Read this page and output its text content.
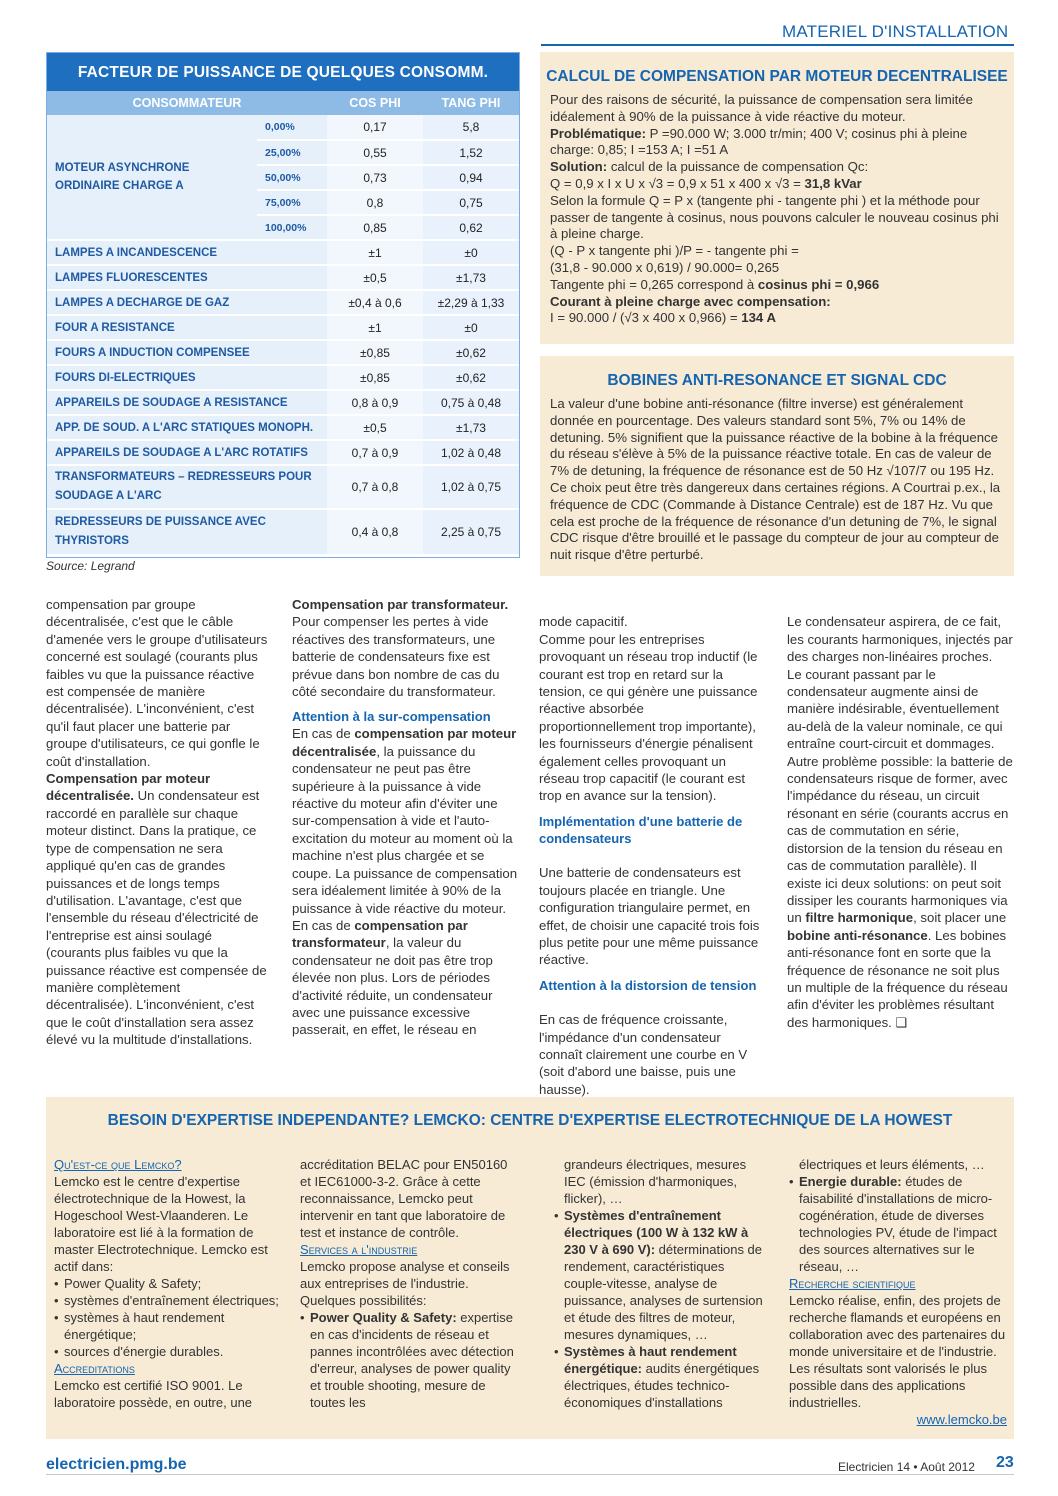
MATERIEL D'INSTALLATION
FACTEUR DE PUISSANCE DE QUELQUES CONSOMM.
CONSOMMATEUR	COS PHI	TANG PHI
MOTEUR ASYNCHRONE ORDINAIRE CHARGE A	0,00%	0,17	5,8
	25,00%	0,55	1,52
	50,00%	0,73	0,94
	75,00%	0,8	0,75
	100,00%	0,85	0,62
LAMPES A INCANDESCENCE		±1	±0
LAMPES FLUORESCENTES		±0,5	±1,73
LAMPES A DECHARGE DE GAZ		±0,4 à 0,6	±2,29 à 1,33
FOUR A RESISTANCE		±1	±0
FOURS A INDUCTION COMPENSEE		±0,85	±0,62
FOURS DI-ELECTRIQUES		±0,85	±0,62
APPAREILS DE SOUDAGE A RESISTANCE		0,8 à 0,9	0,75 à 0,48
APP. DE SOUD. A L'ARC STATIQUES MONOPH.		±0,5	±1,73
APPAREILS DE SOUDAGE A L'ARC ROTATIFS		0,7 à 0,9	1,02 à 0,48
TRANSFORMATEURS – REDRESSEURS POUR SOUDAGE A L'ARC		0,7 à 0,8	1,02 à 0,75
REDRESSEURS DE PUISSANCE AVEC THYRISTORS		0,4 à 0,8	2,25 à 0,75
Source: Legrand
CALCUL DE COMPENSATION PAR MOTEUR DECENTRALISEE

Pour des raisons de sécurité, la puissance de compensation sera limitée idéalement à 90% de la puissance à vide réactive du moteur.
Problématique: P =90.000 W; 3.000 tr/min; 400 V; cosinus phi à pleine charge: 0,85; I =153 A; I =51 A
Solution: calcul de la puissance de compensation Qc:
Q = 0,9 x I x U x √3 = 0,9 x 51 x 400 x √3 = 31,8 kVar
Selon la formule Q = P x (tangente phi - tangente phi ) et la méthode pour passer de tangente à cosinus, nous pouvons calculer le nouveau cosinus phi à pleine charge.
(Q - P x tangente phi )/P = - tangente phi =
(31,8 - 90.000 x 0,619) / 90.000= 0,265
Tangente phi = 0,265 correspond à cosinus phi = 0,966
Courant à pleine charge avec compensation:
I = 90.000 / (√3 x 400 x 0,966) = 134 A

BOBINES ANTI-RESONANCE ET SIGNAL CDC

La valeur d'une bobine anti-résonance (filtre inverse) est généralement donnée en pourcentage. Des valeurs standard sont 5%, 7% ou 14% de detuning. 5% signifient que la puissance réactive de la bobine à la fréquence du réseau s'élève à 5% de la puissance réactive totale. En cas de valeur de 7% de detuning, la fréquence de résonance est de 50 Hz √107/7 ou 195 Hz. Ce choix peut être très dangereux dans certaines régions. A Courtrai p.ex., la fréquence de CDC (Commande à Distance Centrale) est de 187 Hz. Vu que cela est proche de la fréquence de résonance d'un detuning de 7%, le signal CDC risque d'être brouillé et le passage du compteur de jour au compteur de nuit risque d'être perturbé.

compensation par groupe décentralisée, c'est que le câble d'amenée vers le groupe d'utilisateurs concerné est soulagé (courants plus faibles vu que la puissance réactive est compensée de manière décentralisée). L'inconvénient, c'est qu'il faut placer une batterie par groupe d'utilisateurs, ce qui gonfle le coût d'installation.
Compensation par moteur décentralisée. Un condensateur est raccordé en parallèle sur chaque moteur distinct. Dans la pratique, ce type de compensation ne sera appliqué qu'en cas de grandes puissances et de longs temps d'utilisation. L'avantage, c'est que l'ensemble du réseau d'électricité de l'entreprise est ainsi soulagé (courants plus faibles vu que la puissance réactive est compensée de manière complètement décentralisée). L'inconvénient, c'est que le coût d'installation sera assez élevé vu la multitude d'installations.
Compensation par transformateur. Pour compenser les pertes à vide réactives des transformateurs, une batterie de condensateurs fixe est prévue dans bon nombre de cas du côté secondaire du transformateur.
Attention à la sur-compensation
En cas de compensation par moteur décentralisée, la puissance du condensateur ne peut pas être supérieure à la puissance à vide réactive du moteur afin d'éviter une sur-compensation à vide et l'auto-excitation du moteur au moment où la machine n'est plus chargée et se coupe. La puissance de compensation sera idéalement limitée à 90% de la puissance à vide réactive du moteur. En cas de compensation par transformateur, la valeur du condensateur ne doit pas être trop élevée non plus. Lors de périodes d'activité réduite, un condensateur avec une puissance excessive passerait, en effet, le réseau en

mode capacitif.
Comme pour les entreprises provoquant un réseau trop inductif (le courant est trop en retard sur la tension, ce qui génère une puissance réactive absorbée proportionnellement trop importante), les fournisseurs d'énergie pénalisent également celles provoquant un réseau trop capacitif (le courant est trop en avance sur la tension).

Implémentation d'une batterie de condensateurs

Une batterie de condensateurs est toujours placée en triangle. Une configuration triangulaire permet, en effet, de choisir une capacité trois fois plus petite pour une même puissance réactive.

Attention à la distorsion de tension

En cas de fréquence croissante, l'impédance d'un condensateur connaît clairement une courbe en V (soit d'abord une baisse, puis une hausse).

Le condensateur aspirera, de ce fait, les courants harmoniques, injectés par des charges non-linéaires proches.
Le courant passant par le condensateur augmente ainsi de manière indésirable, éventuellement au-delà de la valeur nominale, ce qui entraîne court-circuit et dommages. Autre problème possible: la batterie de condensateurs risque de former, avec l'impédance du réseau, un circuit résonant en série (courants accrus en cas de commutation en série, distorsion de la tension du réseau en cas de commutation parallèle). Il existe ici deux solutions: on peut soit dissiper les courants harmoniques via un filtre harmonique, soit placer une bobine anti-résonance. Les bobines anti-résonance font en sorte que la fréquence de résonance ne soit plus un multiple de la fréquence du réseau afin d'éviter les problèmes résultant des harmoniques. ❑

BESOIN D'EXPERTISE INDEPENDANTE? LEMCKO: CENTRE D'EXPERTISE ELECTROTECHNIQUE DE LA HOWEST
Qu'est-ce que Lemcko?
Lemcko est le centre d'expertise électrotechnique de la Howest, la Hogeschool West-Vlaanderen. Le laboratoire est lié à la formation de master Electrotechnique. Lemcko est actif dans:
• Power Quality & Safety;
• systèmes d'entraînement électriques;
• systèmes à haut rendement énergétique;
• sources d'énergie durables.
Accreditations
Lemcko est certifié ISO 9001. Le laboratoire possède, en outre, une
accréditation BELAC pour EN50160 et IEC61000-3-2. Grâce à cette reconnaissance, Lemcko peut intervenir en tant que laboratoire de test et instance de contrôle.
Services a l'industrie
Lemcko propose analyse et conseils aux entreprises de l'industrie. Quelques possibilités:
• Power Quality & Safety: expertise en cas d'incidents de réseau et pannes incontrôlées avec détection d'erreur, analyses de power quality et trouble shooting, mesure de toutes les
grandeurs électriques, mesures IEC (émission d'harmoniques, flicker), …
• Systèmes d'entraînement électriques (100 W à 132 kW à 230 V à 690 V): déterminations de rendement, caractéristiques couple-vitesse, analyse de puissance, analyses de surtension et étude des filtres de moteur, mesures dynamiques, …
• Systèmes à haut rendement énergétique: audits énergétiques électriques, études technico-économiques d'installations
électriques et leurs éléments, …
• Energie durable: études de faisabilité d'installations de micro-cogénération, étude de diverses technologies PV, étude de l'impact des sources alternatives sur le réseau, …
Recherche scientifique
Lemcko réalise, enfin, des projets de recherche flamands et européens en collaboration avec des partenaires du monde universitaire et de l'industrie. Les résultats sont valorisés le plus possible dans des applications industrielles.
www.lemcko.be
electricien.pmg.be	Electricien 14 • Août 2012 23
